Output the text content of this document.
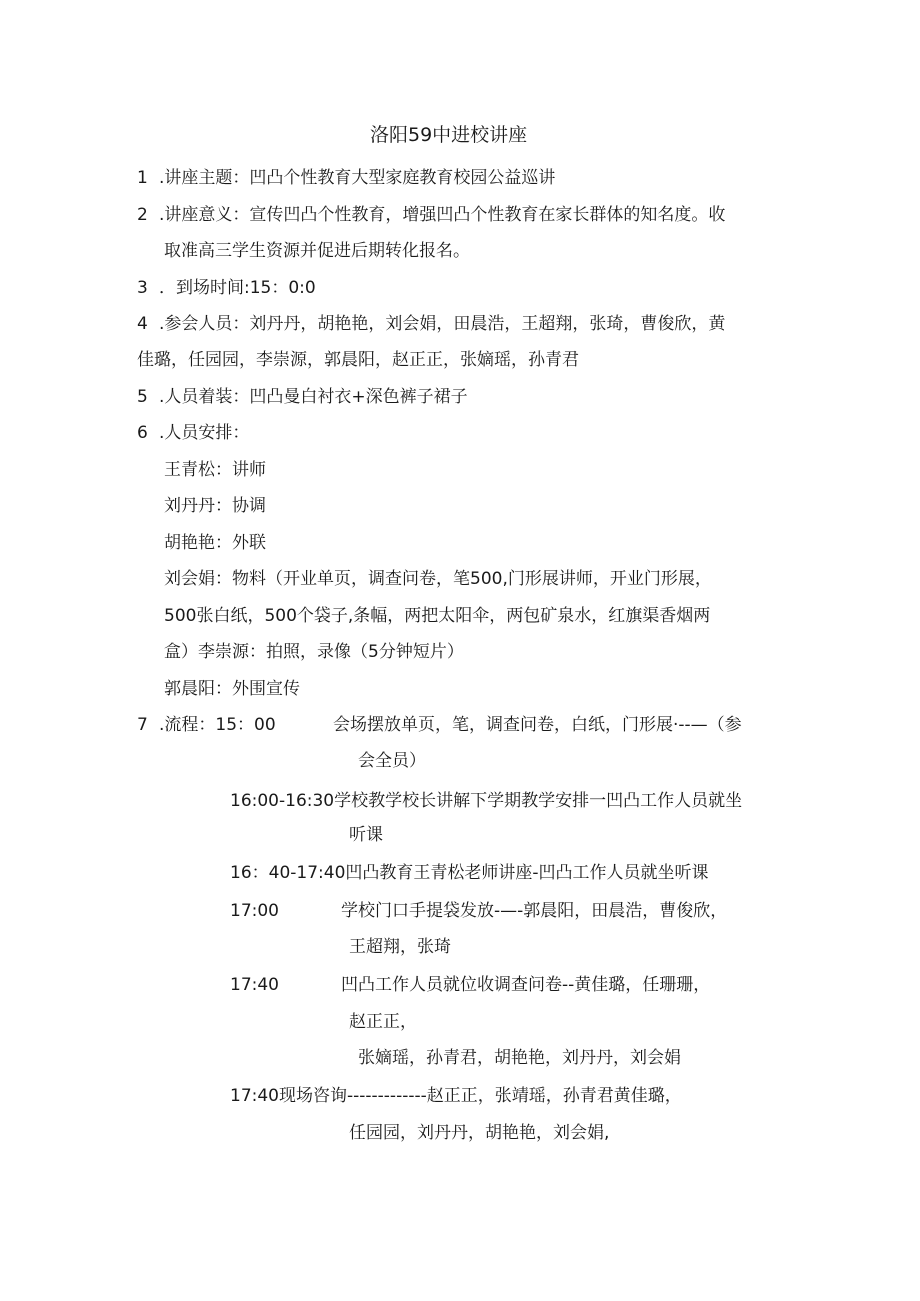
洛阳59中进校讲座
1 .讲座主题：凹凸个性教育大型家庭教育校园公益巡讲
2 .讲座意义：宣传凹凸个性教育，增强凹凸个性教育在家长群体的知名度。收
取准高三学生资源并促进后期转化报名。
3 ．到场时间:15：0:0
4 .参会人员：刘丹丹，胡艳艳，刘会娟，田晨浩，王超翔，张琦，曹俊欣，黄
佳璐，任园园，李崇源，郭晨阳，赵正正，张嫡瑶，孙青君
5 .人员着装：凹凸曼白衬衣+深色裤子裙子
6 .人员安排：
王青松：讲师
刘丹丹：协调
胡艳艳：外联
刘会娟：物料（开业单页，调查问卷，笔500,门形展讲师，开业门形展，
500张白纸，500个袋子,条幅，两把太阳伞，两包矿泉水，红旗渠香烟两
盒）李崇源：拍照，录像（5分钟短片）
郭晨阳：外围宣传
7 .流程：15：00	会场摆放单页，笔，调查问卷，白纸，门形展·--—（参
会全员）
16:00-16:30学校教学校长讲解下学期教学安排一凹凸工作人员就坐
听课
16：40-17:40凹凸教育王青松老师讲座-凹凸工作人员就坐听课
17:00	学校门口手提袋发放-—-郭晨阳，田晨浩，曹俊欣，
王超翔，张琦
17:40	凹凸工作人员就位收调查问卷--黄佳璐，任珊珊，
赵正正，
张嫡瑶，孙青君，胡艳艳，刘丹丹，刘会娟
17:40现场咨询-------------赵正正，张靖瑶，孙青君黄佳璐，
任园园，刘丹丹，胡艳艳，刘会娟,
